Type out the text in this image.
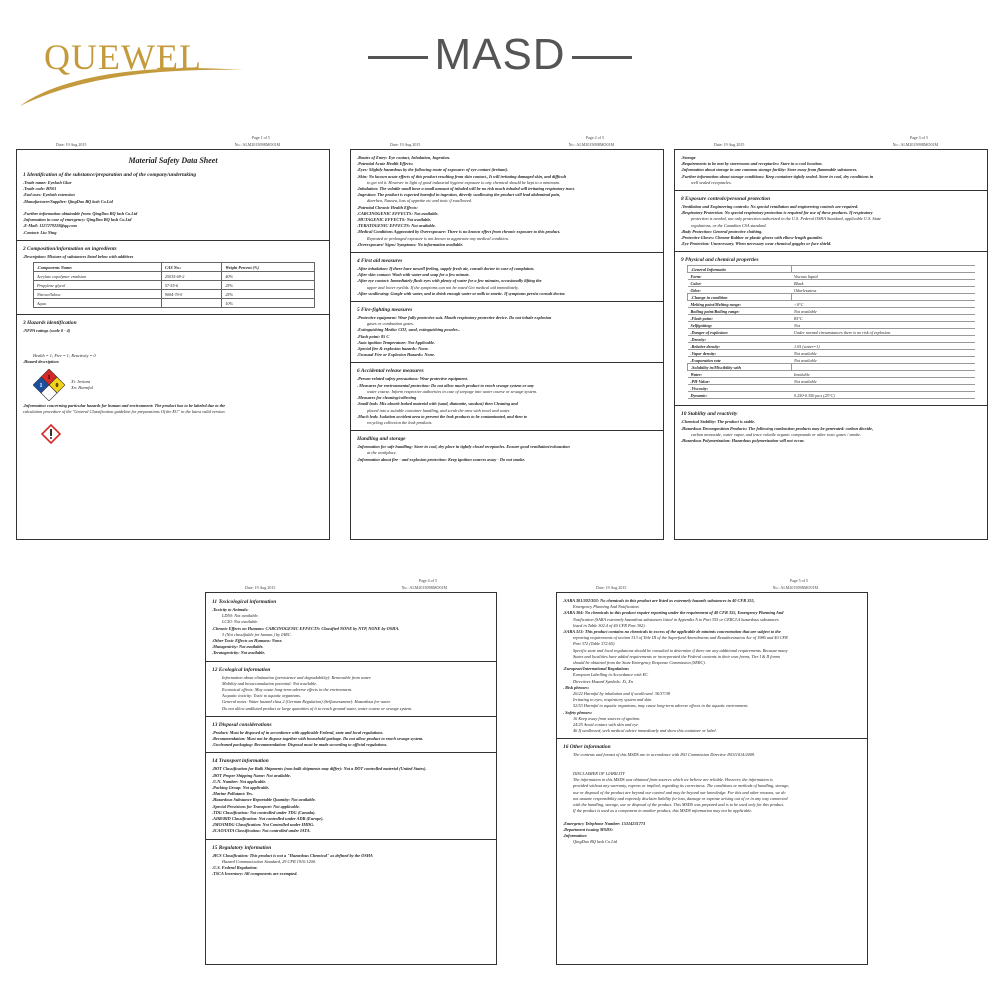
QUEWEL	MASD
Date: 19 Aug 2015
Page 1 of 5
No.: ALM201509RMO01M
Material Safety Data Sheet
1 Identification of the substance/preparation and of the company/undertaking
.Trade name: Eyelash Glue
.Trade code: BN01
.End uses: Eyelash extension
.Manufacturer/Supplier: QingDao BQ lash Co.Ltd

.Further information obtainable from: QingDao BQ lash Co.Ltd
.Information in case of emergency: QingDao BQ lash Co.Ltd
.E-Mail: 1127279228@qq.com
.Contact: Liu Ning
2 Composition/information on ingredients
.Description: Mixture of substances listed below with additives
.Components Name:	CAS No.:	Weight Percent (%)
Acrylate copolymer emulsion	25035-69-2	40%
Propylene glycol	57-55-6	25%
Nitrocellulose	9004-70-0	25%
Aqua		10%
3 Hazards identification
.NFPA ratings (scale 0 - 4)

Health = 1; Fire = 1; Reactivity = 0
.Hazard description:
1
1 0
Xi: Irritant
Xn: Harmful
.Information concerning particular hazards for human and environment: The product has to be labeled due to the
calculation procedure of the "General Classification guideline for preparations Of the EU" in the latest valid version.
Date: 19 Aug 2015
Page 2 of 5
No.: ALM201509RMO01M
.Routes of Entry: Eye contact, Inhalation, Ingestion.
.Potential Acute Health Effects:
.Eyes: Slightly hazardous by the following route of exposure: of eye contact (irritant).
.Skin: No known acute effects of this product resulting from skin contact., It will irritating damaged skin, and difficult
to get rid it. However in light of good industrial hygiene exposure to any chemical should be kept to a minimum.
.Inhalation: The volatile small have a small amount of inhaled will be no risk much inhaled will irritating respiratory tract.
.Ingestion: The product is expected harmful in ingestion, directly swallowing the product will lead abdominal pain,
diarrhea, Nausea, loss of appetite etc and toxic if swallowed.
.Potential Chronic Health Effects:
.CARCINOGENIC EFFECTS: Not available.
.MUTAGENIC EFFECTS: Not available.
.TERATOGENIC EFFECTS: Not available.
.Medical Conditions Aggravated by Overexposure: There is no known effect from chronic exposure to this product.
Repeated or prolonged exposure is not known to aggravate any medical condition.
.Overexposure/ Signs/ Symptoms: No information available.
4 First aid measures
.After inhalation: If there have unwell feeling, supply fresh air, consult doctor in case of complaints.
.After skin contact: Wash with water and soap for a few minute.
.After eye contact: Immediately flush eyes with plenty of water for a few minutes, occasionally lifting the
upper and lower eyelids. If the symptoms can not be eased Get medical aid immediately.
.After swallowing: Gargle with water, and to drink enough water or milk to emetic. If symptoms persist consult doctor.
5 Fire-fighting measures
.Protective equipment: Wear fully protective suit. Mouth respiratory protective device. Do not inhale explosion
gases or combustion gases.
.Extinguishing Media: CO2, sand, extinguishing powder...
.Flash point: 85 C
.Auto ignition Temperature: Not Applicable.
.Special fire & explosion hazards: None.
.Unusual Fire or Explosion Hazards: None.
6 Accidental release measures
.Person-related safety precautions: Wear protective equipment.
. Measures for environmental protection: Do not allow much product to reach sewage system or any
water course. Inform respective authorities in case of seepage into water course or sewage system.
.Measures for cleaning/collecting
.Small leak: Mix absorb leaked material with (sand, diatomite, sawdust) then Cleaning and
placed into a suitable container handling, and scrub the area with towel and water.
.Much leak: Isolation accident area to prevent the leak products to be contaminated, and then to
recycling collection the leak products.
Handling and storage
.Information for safe handling: Store in cool, dry place in tightly closed receptacles. Ensure good ventilation/exhaustion
at the workplace.
.Information about fire - and explosion protection: Keep ignition sources away - Do not smoke.
Date: 19 Aug 2015
Page 3 of 5
No.: ALM201509RMO01M
.Storage
.Requirements to be met by storerooms and receptacles: Store in a cool location.
.Information about storage in one common storage facility: Store away from flammable substances.
.Further information about storage conditions: Keep container tightly sealed. Store in cool, dry conditions in
well sealed receptacles.
8 Exposure controls/personal protection
.Ventilation and Engineering controls: No special ventilation and engineering controls are required.
.Respiratory Protection: No special respiratory protection is required for use of these products. If respiratory
protection is needed, use only protection authorized in the U.S. Federal OSHA Standard, applicable U.S. State
regulations, or the Canadian CSA standard.
.Body Protection: General protective clothing.
.Protective Gloves: Chrome Rubber or plastic gloves with elbow-length gauntlet.
.Eye Protection: Unnecessary. When necessary wear chemical goggles or face shield.
9 Physical and chemical properties
.General Informatio	
Form:	Viscous liquid
Color:	Black
Odor:	Odorlessness
.Change in condition	
Melting point/Melting range:	<0°C
Boiling point/Boiling range:	Not available
.Flash point:	85°C
Selfigniting:	Not
.Danger of explosion:	Under normal circumstances there is no risk of explosion.
.Density:	
.Relative density:	1.05 (water=1)
.Vapor density:	Not available
.Evaporation rate	Not available
.Solubility in/Miscibility with	
Water:	Insoluble
.PH-Value:	Not available
.Viscosity:	
Dynamic:	0.250-0.350 pa.s (25°C)
10 Stability and reactivity
.Chemical Stability: The product is stable.
.Hazardous Decomposition Products: The following combustion products may be generated: carbon dioxide,
carbon monoxide, water vapor, and trace volatile organic compounds or other toxic gases / smoke.
.Hazardous Polymerization: Hazardous polymerization will not occur.
Date: 19 Aug 2015
Page 4 of 5
No.: ALM201509RMO01M
11 Toxicological information
.Toxicity to Animals:
LD50: Not available.
LC50: Not available.
.Chronic Effects on Humans: CARCINOGENIC EFFECTS: Classified NONE by NTP, NONE by OSHA.
3 (Not classifiable for human.) by IARC.
.Other Toxic Effects on Humans: None.
.Mutagenicity: Not available.
.Teratogenicity: Not available.
12 Ecological information
Information about elimination (persistence and degradability): Removable from water.
Mobility and bioaccumulation potential: Not available.
Ecotoxical effects: May cause long-term adverse effects in the environment.
Acquatic toxicity: Toxic to aquatic organisms.
General notes: Water hazard class 2 (German Regulation) (Selfassessment): Hazardous for water.
Do not allow undiluted product or large quantities of it to reach ground water, water course or sewage system.
13 Disposal considerations
.Product: Must be disposed of in accordance with applicable Federal, state and local regulations.
.Recommendation: Must not be dispose together with household garbage. Do not allow product to reach sewage system.
.Uncleaned packaging: Recommendation: Disposal must be made according to official regulations.
14 Transport information
.DOT Classification for Bulk Shipments (non bulk shipments may differ): Not a DOT controlled material (United States).
.DOT Proper Shipping Name: Not available.
.U.N. Number: Not applicable.
.Packing Group: Not applicable.
.Marine Pollutant: Yes.
.Hazardous Substance Reportable Quantity: Not available.
.Special Provisions for Transport: Not applicable.
.TDG Classification: Not controlled under TDG (Canada).
.ADR/RID Classification: Not controlled under ADR (Europe).
.IMO/IMDG Classification: Not Controlled under IMDG.
.ICAO/IATA Classification: Not controlled under IATA.
15 Regulatory information
.HCS Classification: This product is not a "Hazardous Chemical" as defined by the OSHA
Hazard Communication Standard, 29 CFR 1910.1200.
.U.S. Federal Regulation:
.TSCA Inventory: All components are exempted.
Date: 19 Aug 2015
Page 5 of 5
No.: ALM201509RMO01M
.SARA 301/302/303: No chemicals in this product are listed as extremely hazards substances in 40 CFR 355,
Emergency Planning And Notification.
.SARA 304: No chemicals in this product require reporting under the requirement of 40 CFR 355, Emergency Planning And
Notification (SARA extremely hazardous substances listed in Appendix A to Part 355 or CERCLA hazardous substances
listed in Table 302.4 of 40 CFR Part 302).
.SARA 313: This product contains no chemicals in excess of the applicable de minimis concentration that are subject to the
reporting requirements of section 313 of Title III of the Superfund Amendments and Reauthorization Act of 1986 and 40 CFR
Part 372 (Table 372.65).
Specific state and local regulations should be consulted to determine if there are any additional requirements. Because many
States and localities have added requirements or incorporated the Federal contents in their own forms, Tier I & II forms
should be obtained from the State Emergency Response Commission (SERC).
.European/International Regulations
European Labelling in Accordance with EC
Directives Hazard Symbols: Xi, Xn
. Risk phrases:
20/22 Harmful by inhalation and if swallowed. 36/37/38
Irritating to eyes, respiratory system and skin.
52/53 Harmful to aquatic organisms, may cause long-term adverse effects in the aquatic environment.
. Safety phrases:
16 Keep away from sources of ignition.
24/25 Avoid contact with skin and eye.
46 If swallowed, seek medical advice immediately and show this container or label.
16 Other information
The contents and format of this MSDS are in accordance with ISO Commission Directive ISO11014/2009.

DISCLAIMER OF LIABILITY
The information in this MSDS was obtained from sources which we believe are reliable. However, the information is
provided without any warranty, express or implied, regarding its correctness. The conditions or methods of handling, storage,
use or disposal of the product are beyond our control and may be beyond our knowledge. For this and other reasons, we do
not assume responsibility and expressly disclaim liability for loss, damage or expense arising out of or in any way connected
with the handling, storage, use or disposal of the product. This MSDS was prepared and is to be used only for this product.
If the product is used as a component in another product, this MSDS information may not be applicable.

.Emergency Telephone Number: 15314231773
.Department issuing MSDS:
.Information:
QingDao BQ lash Co.Ltd
